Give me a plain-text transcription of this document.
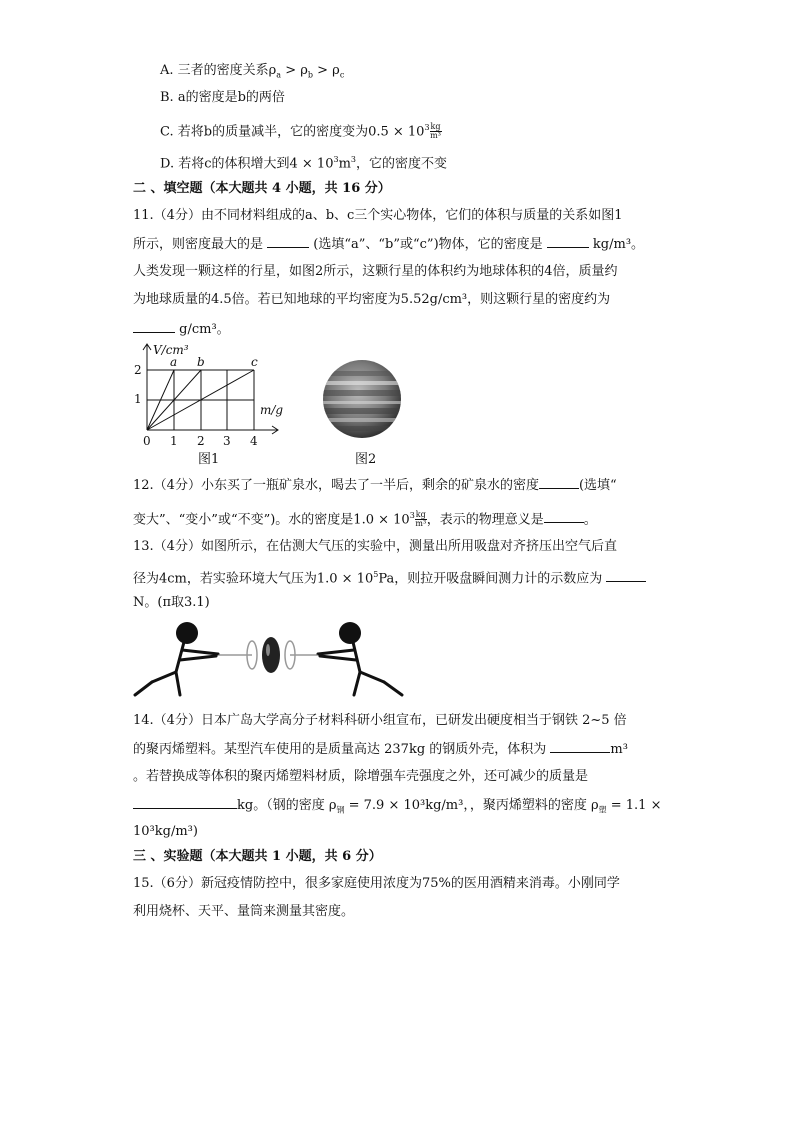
A. 三者的密度关系$\rho_a > \rho_b > \rho_c$
B. a的密度是b的两倍
C. 若将b的质量减半，它的密度变为$0.5 \times 10^3 \frac{kg}{\text{m³}}$
D. 若将c的体积增大到$4 \times 10^3m^3$，它的密度不变
二 、填空题（本大题共 4 小题，共 16 分）
11.（4分）由不同材料组成的a、b、c三个实心物体，它们的体积与质量的关系如图1
所示，则密度最大的是	(选填“a”、“b”或“c”)物体，它的密度是	kg/m³。
人类发现一颗这样的行星，如图2所示，这颗行星的体积约为地球体积的4倍，质量约
为地球质量的4.5倍。若已知地球的平均密度为5.52g/cm³，则这颗行星的密度约为
g/cm³。
V/cm³
m/g
2
1
0 1 2 3 4
a b	c
图1	图2
12.（4分）小东买了一瓶矿泉水，喝去了一半后，剩余的矿泉水的密度	(选填“
变大”、“变小”或“不变”)。水的密度是$1.0 \times 10^3 \frac{kg}{\text{m³}}$ ，表示的物理意义是	。
13.（4分）如图所示，在估测大气压的实验中，测量出所用吸盘对齐挤压出空气后直
径为4cm，若实验环境大气压为$1.0 \times 10^5Pa$，则拉开吸盘瞬间测力计的示数应为
N。(π取3.1)
14.（4分）日本广岛大学高分子材料科研小组宣布，已研发出硬度相当于钢铁 2~5 倍
的聚丙烯塑料。某型汽车使用的是质量高达 237kg 的钢质外壳，体积为	m³
。若替换成等体积的聚丙烯塑料材质，除增强车壳强度之外，还可减少的质量是
kg。（钢的密度 $\rho_钢 = 7.9 \times 10^3kg/m^3$，，聚丙烯塑料的密度 $\rho_塑 = 1.1$ ×
10³kg/m³)
三 、实验题（本大题共 1 小题，共 6 分）
15.（6分）新冠疫情防控中，很多家庭使用浓度为75%的医用酒精来消毒。小刚同学
利用烧杯、天平、量筒来测量其密度。
